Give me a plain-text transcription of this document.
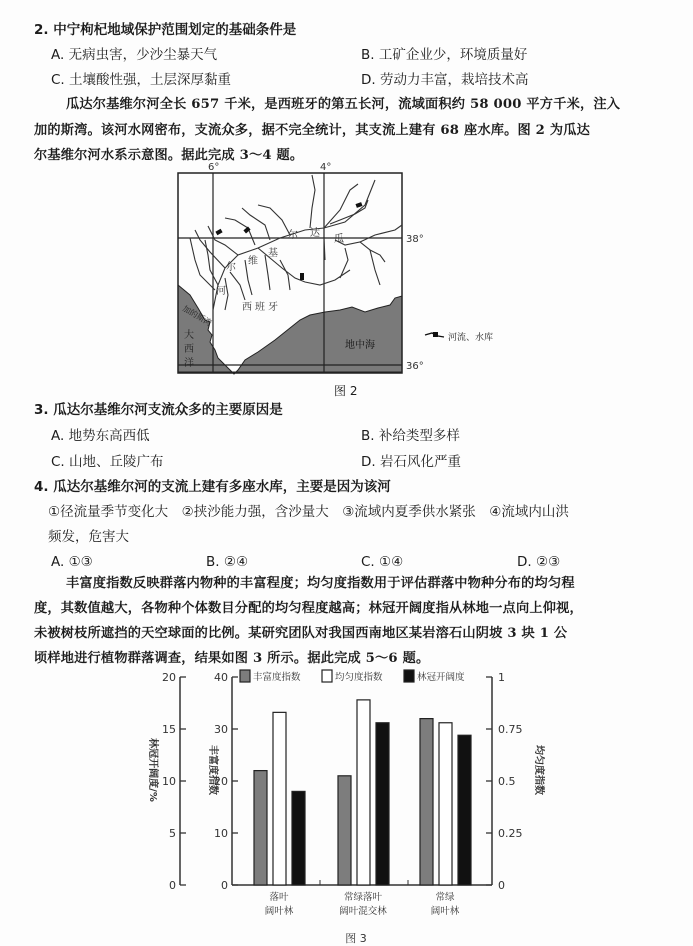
2. 中宁枸杞地域保护范围划定的基础条件是
A. 无病虫害，少沙尘暴天气	B. 工矿企业少，环境质量好
C. 土壤酸性强，土层深厚黏重	D. 劳动力丰富，栽培技术高
瓜达尔基维尔河全长 657 千米，是西班牙的第五长河，流域面积约 58 000 平方千米，注入
加的斯湾。该河水网密布，支流众多，据不完全统计，其支流上建有 68 座水库。图 2 为瓜达
尔基维尔河水系示意图。据此完成 3～4 题。
6°	4°
38°
36°
瓜
达
尔
基
维
尔
河
西班牙
加的斯湾
大 西 洋
地中海
河流、水库
图 2
3. 瓜达尔基维尔河支流众多的主要原因是
A. 地势东高西低	B. 补给类型多样
C. 山地、丘陵广布	D. 岩石风化严重
4. 瓜达尔基维尔河的支流上建有多座水库，主要是因为该河
①径流量季节变化大　②挟沙能力强，含沙量大　③流域内夏季供水紧张　④流域内山洪
频发，危害大
A. ①③	B. ②④	C. ①④	D. ②③
丰富度指数反映群落内物种的丰富程度；均匀度指数用于评估群落中物种分布的均匀程
度，其数值越大，各物种个体数目分配的均匀程度越高；林冠开阔度指从林地一点向上仰视，
未被树枝所遮挡的天空球面的比例。某研究团队对我国西南地区某岩溶石山阴坡 3 块 1 公
顷样地进行植物群落调查，结果如图 3 所示。据此完成 5～6 题。
0
5
10
15
20
0
10
20
30
40
0
0.25
0.5
0.75
1
丰富度指数	均匀度指数	林冠开阔度
林冠开阔度/%	丰富度指数	均匀度指数
落叶
阔叶林
常绿落叶
阔叶混交林
常绿
阔叶林
图 3
